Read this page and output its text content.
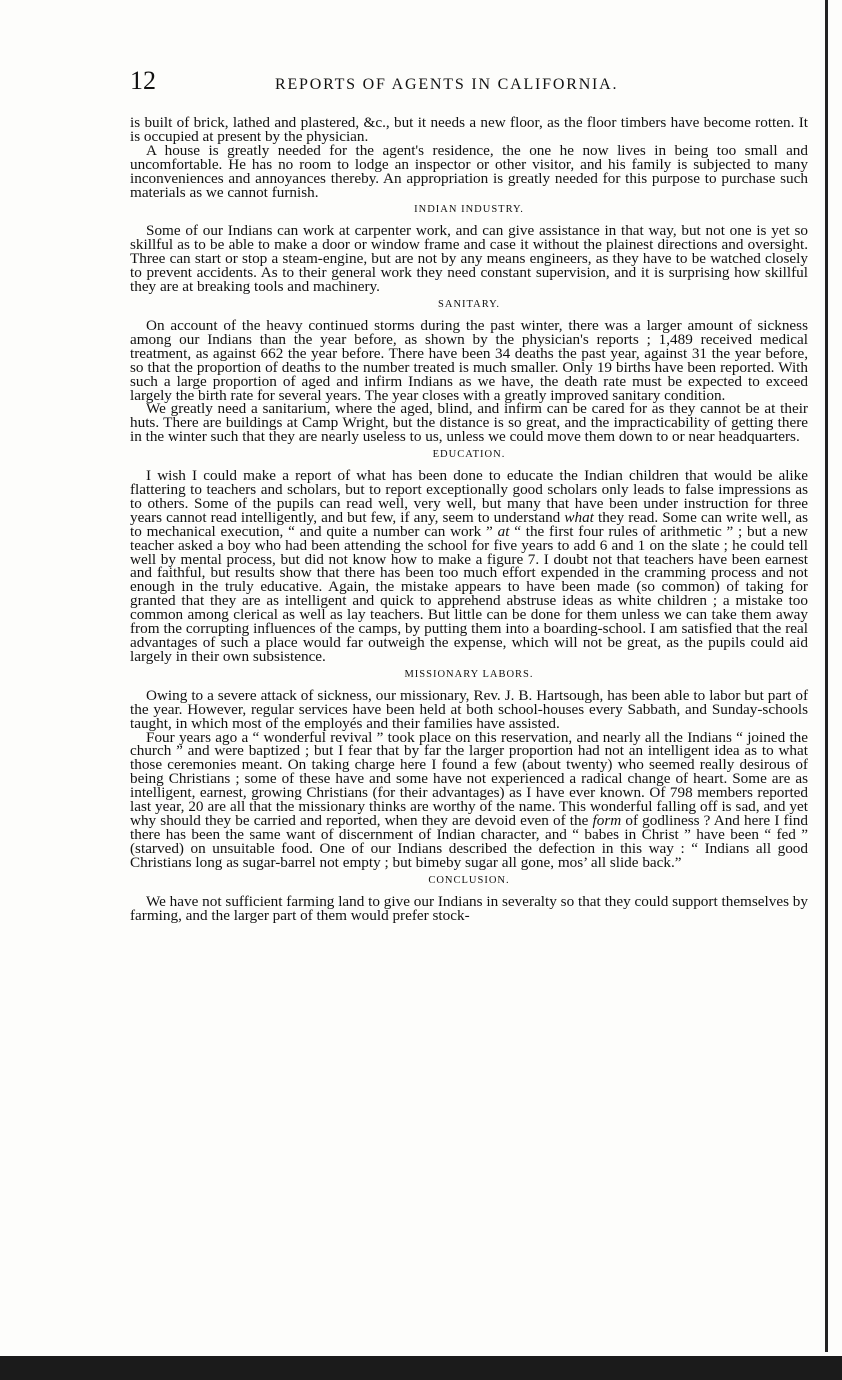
12	REPORTS OF AGENTS IN CALIFORNIA.

is built of brick, lathed and plastered, &c., but it needs a new floor, as the floor timbers have become rotten. It is occupied at present by the physician.

A house is greatly needed for the agent's residence, the one he now lives in being too small and uncomfortable. He has no room to lodge an inspector or other visitor, and his family is subjected to many inconveniences and annoyances thereby. An appropriation is greatly needed for this purpose to purchase such materials as we cannot furnish.

INDIAN INDUSTRY.

Some of our Indians can work at carpenter work, and can give assistance in that way, but not one is yet so skillful as to be able to make a door or window frame and case it without the plainest directions and oversight. Three can start or stop a steam-engine, but are not by any means engineers, as they have to be watched closely to prevent accidents. As to their general work they need constant supervision, and it is surprising how skillful they are at breaking tools and machinery.

SANITARY.

On account of the heavy continued storms during the past winter, there was a larger amount of sickness among our Indians than the year before, as shown by the physician's reports ; 1,489 received medical treatment, as against 662 the year before. There have been 34 deaths the past year, against 31 the year before, so that the proportion of deaths to the number treated is much smaller. Only 19 births have been reported. With such a large proportion of aged and infirm Indians as we have, the death rate must be expected to exceed largely the birth rate for several years. The year closes with a greatly improved sanitary condition.

We greatly need a sanitarium, where the aged, blind, and infirm can be cared for as they cannot be at their huts. There are buildings at Camp Wright, but the distance is so great, and the impracticability of getting there in the winter such that they are nearly useless to us, unless we could move them down to or near headquarters.

EDUCATION.

I wish I could make a report of what has been done to educate the Indian children that would be alike flattering to teachers and scholars, but to report exceptionally good scholars only leads to false impressions as to others. Some of the pupils can read well, very well, but many that have been under instruction for three years cannot read intelligently, and but few, if any, seem to understand what they read. Some can write well, as to mechanical execution, “ and quite a number can work ” at “ the first four rules of arithmetic ” ; but a new teacher asked a boy who had been attending the school for five years to add 6 and 1 on the slate ; he could tell well by mental process, but did not know how to make a figure 7. I doubt not that teachers have been earnest and faithful, but results show that there has been too much effort expended in the cramming process and not enough in the truly educative. Again, the mistake appears to have been made (so common) of taking for granted that they are as intelligent and quick to apprehend abstruse ideas as white children ; a mistake too common among clerical as well as lay teachers. But little can be done for them unless we can take them away from the corrupting influences of the camps, by putting them into a boarding-school. I am satisfied that the real advantages of such a place would far outweigh the expense, which will not be great, as the pupils could aid largely in their own subsistence.

MISSIONARY LABORS.

Owing to a severe attack of sickness, our missionary, Rev. J. B. Hartsough, has been able to labor but part of the year. However, regular services have been held at both school-houses every Sabbath, and Sunday-schools taught, in which most of the employés and their families have assisted.

Four years ago a “ wonderful revival ” took place on this reservation, and nearly all the Indians “ joined the church ” and were baptized ; but I fear that by far the larger proportion had not an intelligent idea as to what those ceremonies meant. On taking charge here I found a few (about twenty) who seemed really desirous of being Christians ; some of these have and some have not experienced a radical change of heart. Some are as intelligent, earnest, growing Christians (for their advantages) as I have ever known. Of 798 members reported last year, 20 are all that the missionary thinks are worthy of the name. This wonderful falling off is sad, and yet why should they be carried and reported, when they are devoid even of the form of godliness ? And here I find there has been the same want of discernment of Indian character, and “ babes in Christ ” have been “ fed ” (starved) on unsuitable food. One of our Indians described the defection in this way : “ Indians all good Christians long as sugar-barrel not empty ; but bimeby sugar all gone, mos’ all slide back.”

CONCLUSION.

We have not sufficient farming land to give our Indians in severalty so that they could support themselves by farming, and the larger part of them would prefer stock-
